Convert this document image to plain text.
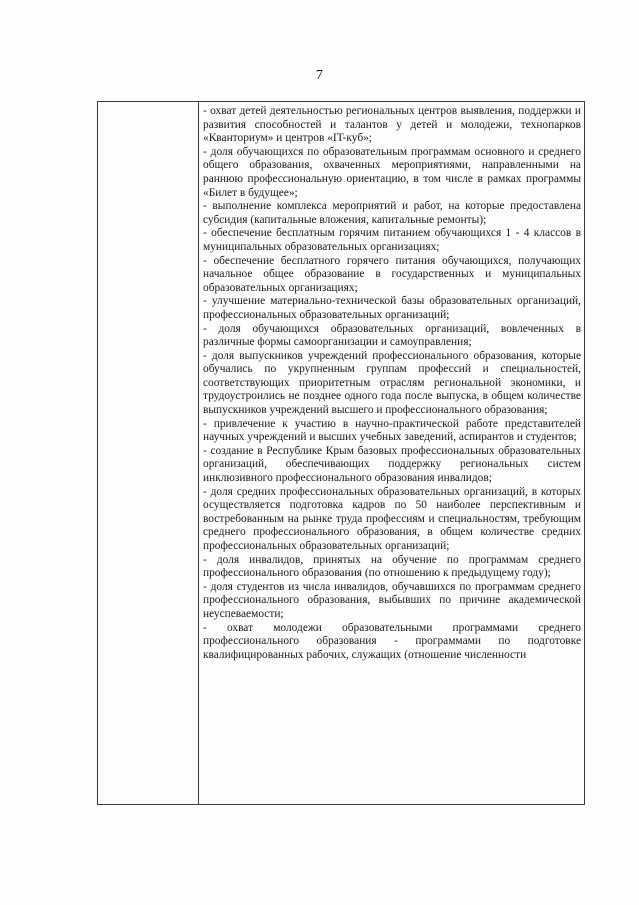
7

- охват детей деятельностью региональных центров выявления, поддержки и развития способностей и талантов у детей и молодежи, технопарков «Кванториум» и центров «IT-куб»;

- доля обучающихся по образовательным программам основного и среднего общего образования, охваченных мероприятиями, направленными на раннюю профессиональную ориентацию, в том числе в рамках программы «Билет в будущее»;

- выполнение комплекса мероприятий и работ, на которые предоставлена субсидия (капитальные вложения, капитальные ремонты);

- обеспечение бесплатным горячим питанием обучающихся 1 - 4 классов в муниципальных образовательных организациях;

- обеспечение бесплатного горячего питания обучающихся, получающих начальное общее образование в государственных и муниципальных образовательных организациях;

- улучшение материально-технической базы образовательных организаций, профессиональных образовательных организаций;

- доля обучающихся образовательных организаций, вовлеченных в различные формы самоорганизации и самоуправления;

- доля выпускников учреждений профессионального образования, которые обучались по укрупненным группам профессий и специальностей, соответствующих приоритетным отраслям региональной экономики, и трудоустроились не позднее одного года после выпуска, в общем количестве выпускников учреждений высшего и профессионального образования;

- привлечение к участию в научно-практической работе представителей научных учреждений и высших учебных заведений, аспирантов и студентов;

- создание в Республике Крым базовых профессиональных образовательных организаций, обеспечивающих поддержку региональных систем инклюзивного профессионального образования инвалидов;

- доля средних профессиональных образовательных организаций, в которых осуществляется подготовка кадров по 50 наиболее перспективным и востребованным на рынке труда профессиям и специальностям, требующим среднего профессионального образования, в общем количестве средних профессиональных образовательных организаций;

- доля инвалидов, принятых на обучение по программам среднего профессионального образования (по отношению к предыдущему году);

- доля студентов из числа инвалидов, обучавшихся по программам среднего профессионального образования, выбывших по причине академической неуспеваемости;

- охват молодежи образовательными программами среднего профессионального образования - программами по подготовке квалифицированных рабочих, служащих (отношение численности
